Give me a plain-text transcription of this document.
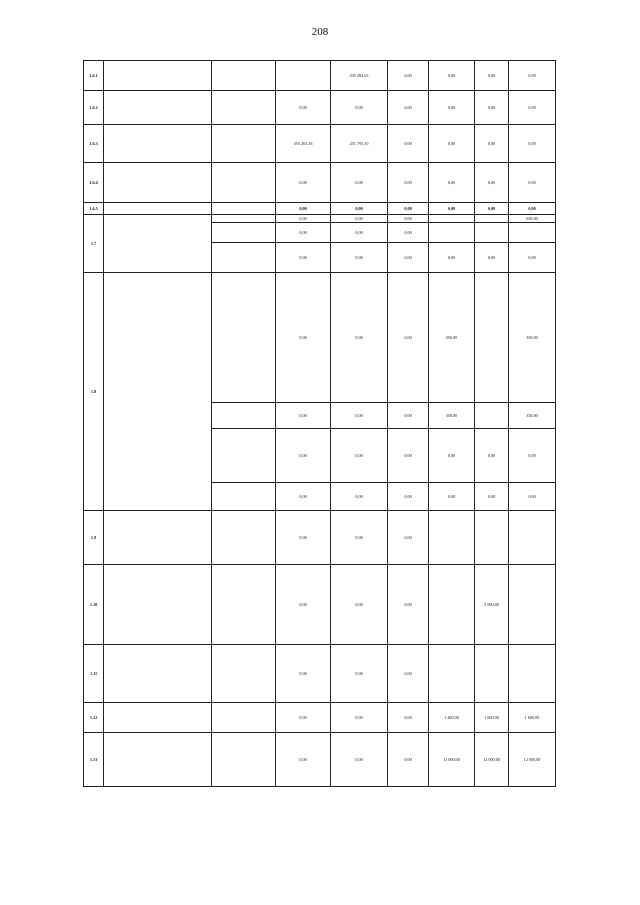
208
1.6.1				235 282,63	0,00	0,00	0,00	0,00
1.6.2			0,00	0,00	0,00	0,00	0,00	0,00
1.6.3			355 263,16	251 795,10	0,00	0,00	0,00	0,00
1.6.4			0,00	0,00	0,00	0,00	0,00	0,00
1.6.5			0,00	0,00	0,00	0,00	0,00	0,00
1.7			0,00	0,00	0,00			650,00
			0,00	0,00	0,00			
			0,00	0,00	0,00	0,00	0,00	0,00
1.8			0,00	0,00	0,00	350,00		350,00
			0,00	0,00	0,00	350,00		350,00
			0,00	0,00	0,00	0,00	0,00	0,00
			0,00	0,00	0,00	0,00	0,00	0,00
1.9			0,00	0,00	0,00			
1.10			0,00	0,00	0,00		2 000,00	
1.11			0,00	0,00	0,00			
1.12			0,00	0,00	0,00	1 400,00	1 600,00	1 600,00
1.13			0,00	0,00	0,00	11 000,00	12 000,00	12 500,00
